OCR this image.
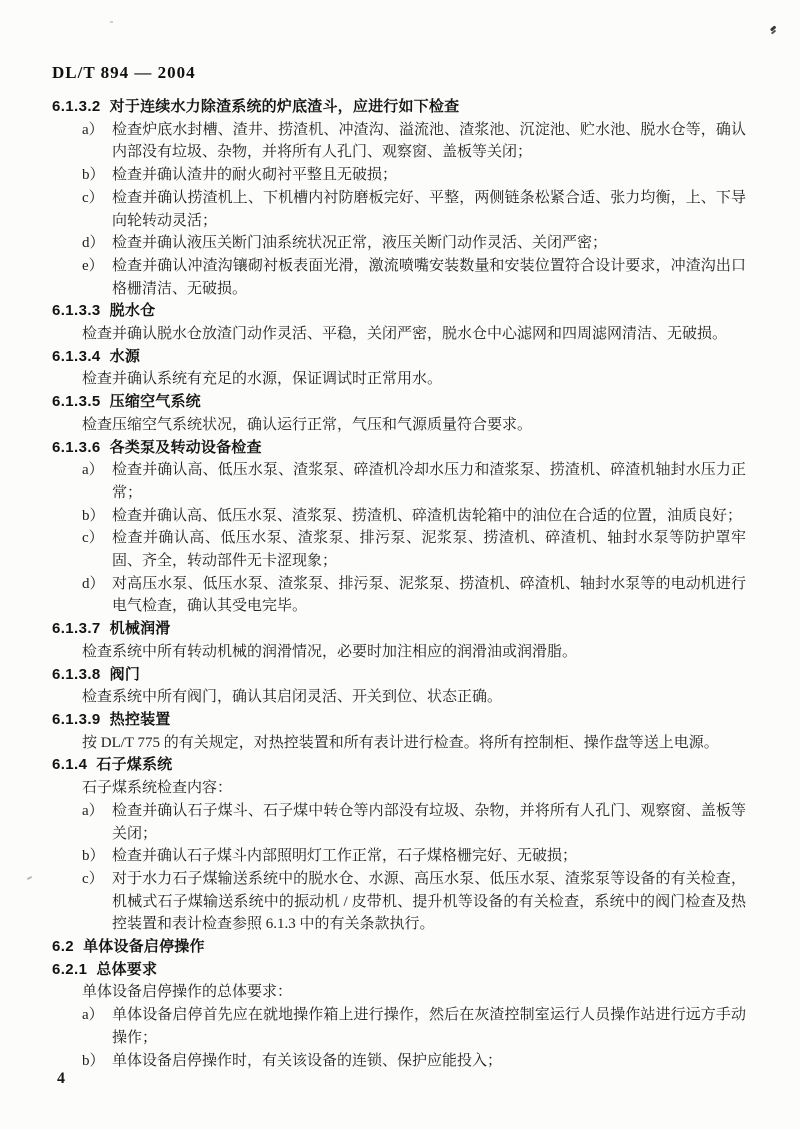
DL/T 894 — 2004
6.1.3.2 对于连续水力除渣系统的炉底渣斗，应进行如下检查
a） 检查炉底水封槽、渣井、捞渣机、冲渣沟、溢流池、渣浆池、沉淀池、贮水池、脱水仓等，确认内部没有垃圾、杂物，并将所有人孔门、观察窗、盖板等关闭；
b） 检查并确认渣井的耐火砌衬平整且无破损；
c） 检查并确认捞渣机上、下机槽内衬防磨板完好、平整，两侧链条松紧合适、张力均衡，上、下导向轮转动灵活；
d） 检查并确认液压关断门油系统状况正常，液压关断门动作灵活、关闭严密；
e） 检查并确认冲渣沟镶砌衬板表面光滑，激流喷嘴安装数量和安装位置符合设计要求，冲渣沟出口格栅清洁、无破损。
6.1.3.3 脱水仓
检查并确认脱水仓放渣门动作灵活、平稳，关闭严密，脱水仓中心滤网和四周滤网清洁、无破损。
6.1.3.4 水源
检查并确认系统有充足的水源，保证调试时正常用水。
6.1.3.5 压缩空气系统
检查压缩空气系统状况，确认运行正常，气压和气源质量符合要求。
6.1.3.6 各类泵及转动设备检查
a） 检查并确认高、低压水泵、渣浆泵、碎渣机冷却水压力和渣浆泵、捞渣机、碎渣机轴封水压力正常；
b） 检查并确认高、低压水泵、渣浆泵、捞渣机、碎渣机齿轮箱中的油位在合适的位置，油质良好；
c） 检查并确认高、低压水泵、渣浆泵、排污泵、泥浆泵、捞渣机、碎渣机、轴封水泵等防护罩牢固、齐全，转动部件无卡涩现象；
d） 对高压水泵、低压水泵、渣浆泵、排污泵、泥浆泵、捞渣机、碎渣机、轴封水泵等的电动机进行电气检查，确认其受电完毕。
6.1.3.7 机械润滑
检查系统中所有转动机械的润滑情况，必要时加注相应的润滑油或润滑脂。
6.1.3.8 阀门
检查系统中所有阀门，确认其启闭灵活、开关到位、状态正确。
6.1.3.9 热控装置
按 DL/T 775 的有关规定，对热控装置和所有表计进行检查。将所有控制柜、操作盘等送上电源。
6.1.4 石子煤系统
石子煤系统检查内容：
a） 检查并确认石子煤斗、石子煤中转仓等内部没有垃圾、杂物，并将所有人孔门、观察窗、盖板等关闭；
b） 检查并确认石子煤斗内部照明灯工作正常，石子煤格栅完好、无破损；
c） 对于水力石子煤输送系统中的脱水仓、水源、高压水泵、低压水泵、渣浆泵等设备的有关检查，机械式石子煤输送系统中的振动机 / 皮带机、提升机等设备的有关检查，系统中的阀门检查及热控装置和表计检查参照 6.1.3 中的有关条款执行。
6.2 单体设备启停操作
6.2.1 总体要求
单体设备启停操作的总体要求：
a） 单体设备启停首先应在就地操作箱上进行操作，然后在灰渣控制室运行人员操作站进行远方手动操作；
b） 单体设备启停操作时，有关该设备的连锁、保护应能投入；
4
